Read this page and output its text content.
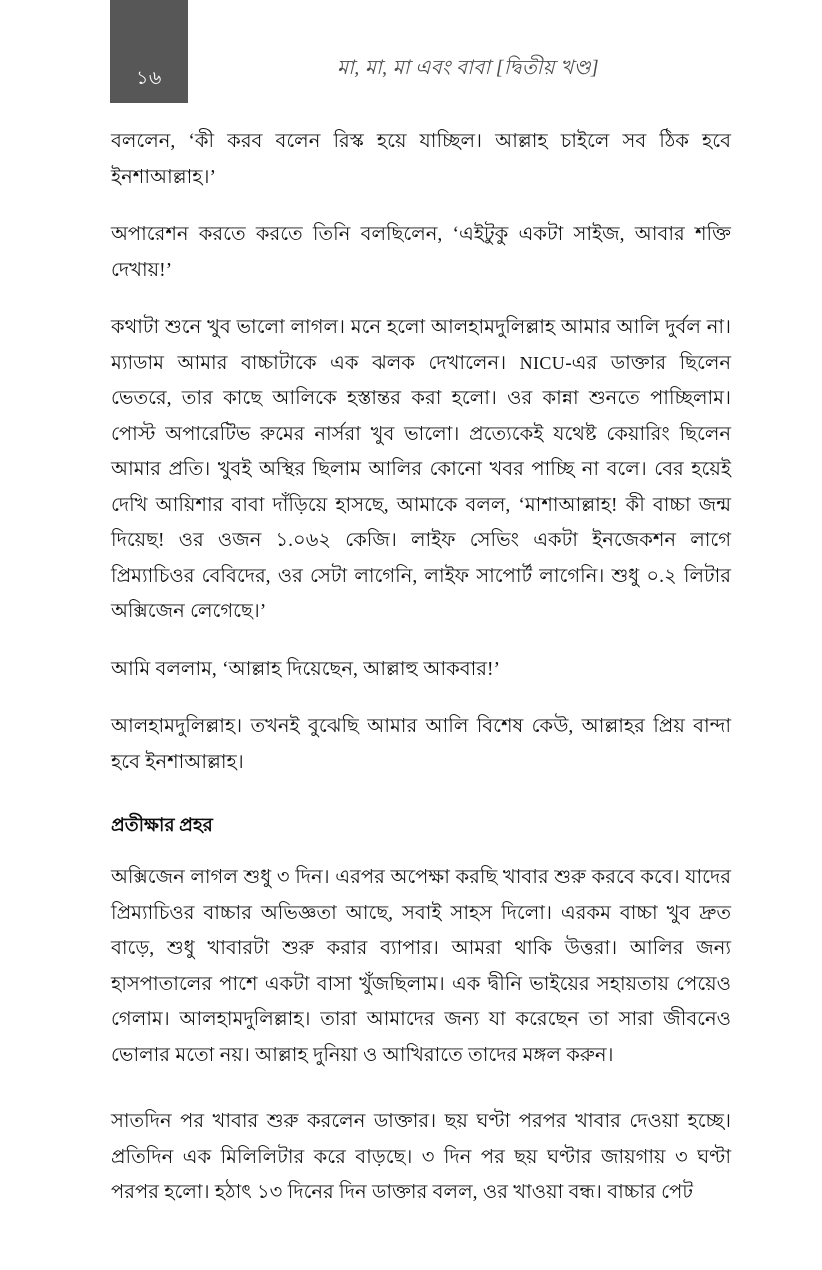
১৬	মা, মা, মা এবং বাবা [দ্বিতীয় খণ্ড]

বললেন, ‘কী করব বলেন রিস্ক হয়ে যাচ্ছিল। আল্লাহ চাইলে সব ঠিক হবে ইনশাআল্লাহ।’

অপারেশন করতে করতে তিনি বলছিলেন, ‘এইটুকু একটা সাইজ, আবার শক্তি দেখায়!’

কথাটা শুনে খুব ভালো লাগল। মনে হলো আলহামদুলিল্লাহ আমার আলি দুর্বল না। ম্যাডাম আমার বাচ্চাটাকে এক ঝলক দেখালেন। NICU-এর ডাক্তার ছিলেন ভেতরে, তার কাছে আলিকে হস্তান্তর করা হলো। ওর কান্না শুনতে পাচ্ছিলাম। পোস্ট অপারেটিভ রুমের নার্সরা খুব ভালো। প্রত্যেকেই যথেষ্ট কেয়ারিং ছিলেন আমার প্রতি। খুবই অস্থির ছিলাম আলির কোনো খবর পাচ্ছি না বলে। বের হয়েই দেখি আয়িশার বাবা দাঁড়িয়ে হাসছে, আমাকে বলল, ‘মাশাআল্লাহ! কী বাচ্চা জন্ম দিয়েছ! ওর ওজন ১.০৬২ কেজি। লাইফ সেভিং একটা ইনজেকশন লাগে প্রিম্যাচিওর বেবিদের, ওর সেটা লাগেনি, লাইফ সাপোর্ট লাগেনি। শুধু ০.২ লিটার অক্সিজেন লেগেছে।’

আমি বললাম, ‘আল্লাহ দিয়েছেন, আল্লাহু আকবার!’

আলহামদুলিল্লাহ। তখনই বুঝেছি আমার আলি বিশেষ কেউ, আল্লাহর প্রিয় বান্দা হবে ইনশাআল্লাহ।

প্রতীক্ষার প্রহর

অক্সিজেন লাগল শুধু ৩ দিন। এরপর অপেক্ষা করছি খাবার শুরু করবে কবে। যাদের প্রিম্যাচিওর বাচ্চার অভিজ্ঞতা আছে, সবাই সাহস দিলো। এরকম বাচ্চা খুব দ্রুত বাড়ে, শুধু খাবারটা শুরু করার ব্যাপার। আমরা থাকি উত্তরা। আলির জন্য হাসপাতালের পাশে একটা বাসা খুঁজছিলাম। এক দ্বীনি ভাইয়ের সহায়তায় পেয়েও গেলাম। আলহামদুলিল্লাহ। তারা আমাদের জন্য যা করেছেন তা সারা জীবনেও ভোলার মতো নয়। আল্লাহ দুনিয়া ও আখিরাতে তাদের মঙ্গল করুন।

সাতদিন পর খাবার শুরু করলেন ডাক্তার। ছয় ঘণ্টা পরপর খাবার দেওয়া হচ্ছে। প্রতিদিন এক মিলিলিটার করে বাড়ছে। ৩ দিন পর ছয় ঘণ্টার জায়গায় ৩ ঘণ্টা পরপর হলো। হঠাৎ ১৩ দিনের দিন ডাক্তার বলল, ওর খাওয়া বন্ধ। বাচ্চার পেট
